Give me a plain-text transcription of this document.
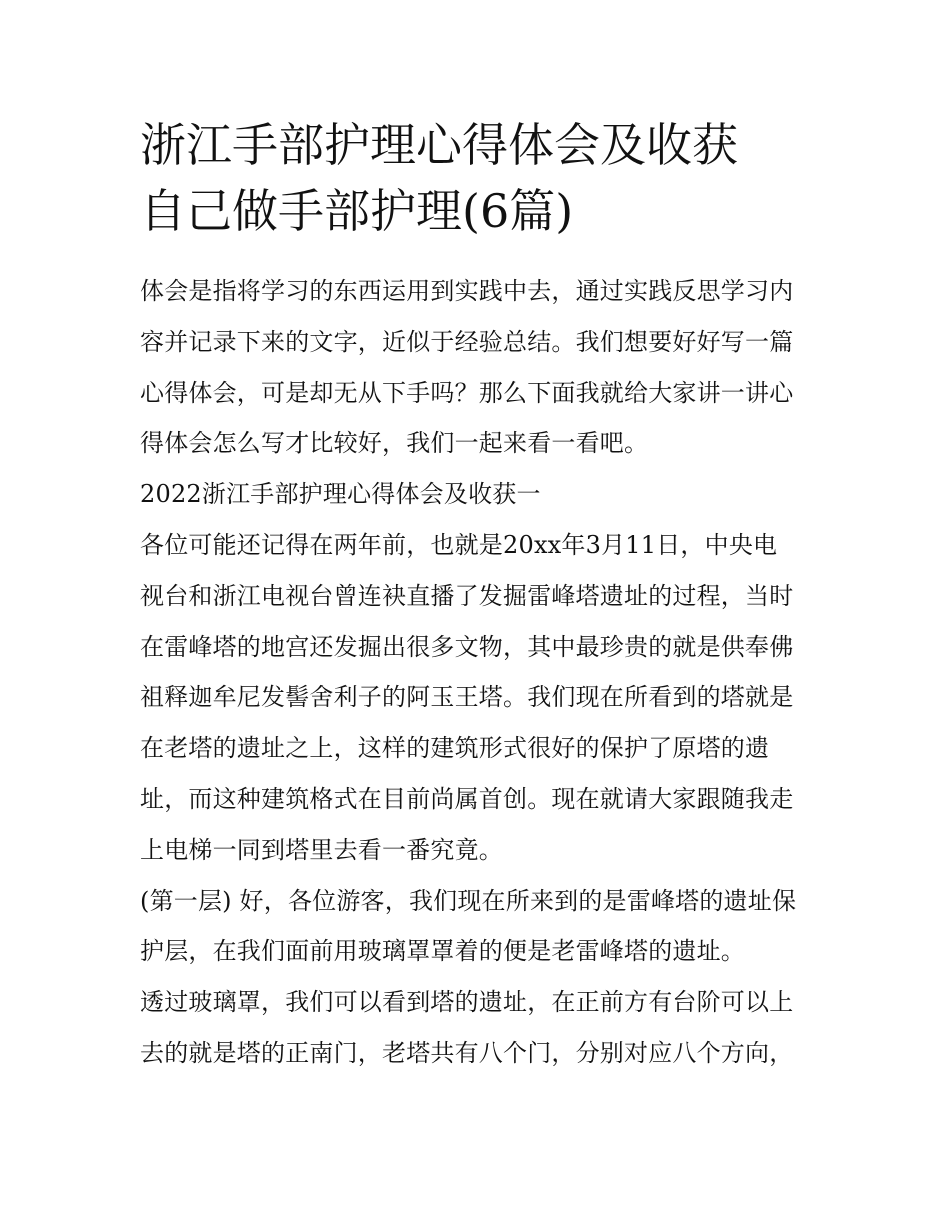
浙江手部护理心得体会及收获
自己做手部护理(6篇)

体会是指将学习的东西运用到实践中去，通过实践反思学习内
容并记录下来的文字，近似于经验总结。我们想要好好写一篇
心得体会，可是却无从下手吗？那么下面我就给大家讲一讲心
得体会怎么写才比较好，我们一起来看一看吧。

2022浙江手部护理心得体会及收获一

各位可能还记得在两年前，也就是20xx年3月11日，中央电
视台和浙江电视台曾连袂直播了发掘雷峰塔遗址的过程，当时
在雷峰塔的地宫还发掘出很多文物，其中最珍贵的就是供奉佛
祖释迦牟尼发髻舍利子的阿玉王塔。我们现在所看到的塔就是
在老塔的遗址之上，这样的建筑形式很好的保护了原塔的遗
址，而这种建筑格式在目前尚属首创。现在就请大家跟随我走
上电梯一同到塔里去看一番究竟。

(第一层) 好，各位游客，我们现在所来到的是雷峰塔的遗址保
护层，在我们面前用玻璃罩罩着的便是老雷峰塔的遗址。

透过玻璃罩，我们可以看到塔的遗址，在正前方有台阶可以上
去的就是塔的正南门，老塔共有八个门，分别对应八个方向，
